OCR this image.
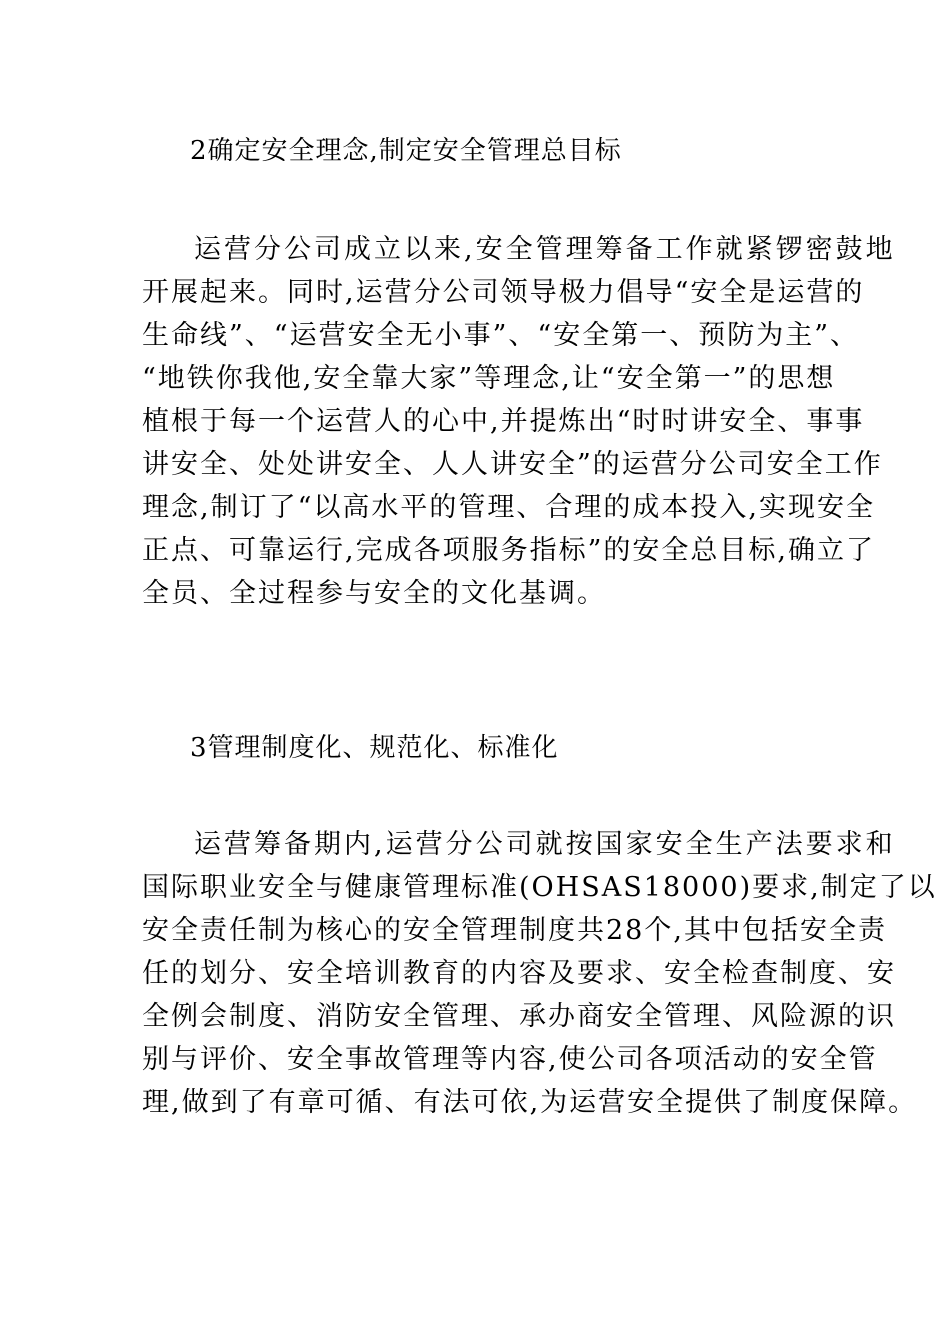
2确定安全理念,制定安全管理总目标
运营分公司成立以来,安全管理筹备工作就紧锣密鼓地
开展起来。同时,运营分公司领导极力倡导“安全是运营的
生命线”、“运营安全无小事”、“安全第一、预防为主”、
“地铁你我他,安全靠大家”等理念,让“安全第一”的思想
植根于每一个运营人的心中,并提炼出“时时讲安全、事事
讲安全、处处讲安全、人人讲安全”的运营分公司安全工作
理念,制订了“以高水平的管理、合理的成本投入,实现安全
正点、可靠运行,完成各项服务指标”的安全总目标,确立了
全员、全过程参与安全的文化基调。
3管理制度化、规范化、标准化
运营筹备期内,运营分公司就按国家安全生产法要求和
国际职业安全与健康管理标准(OHSAS18000)要求,制定了以
安全责任制为核心的安全管理制度共28个,其中包括安全责
任的划分、安全培训教育的内容及要求、安全检查制度、安
全例会制度、消防安全管理、承办商安全管理、风险源的识
别与评价、安全事故管理等内容,使公司各项活动的安全管
理,做到了有章可循、有法可依,为运营安全提供了制度保障。
